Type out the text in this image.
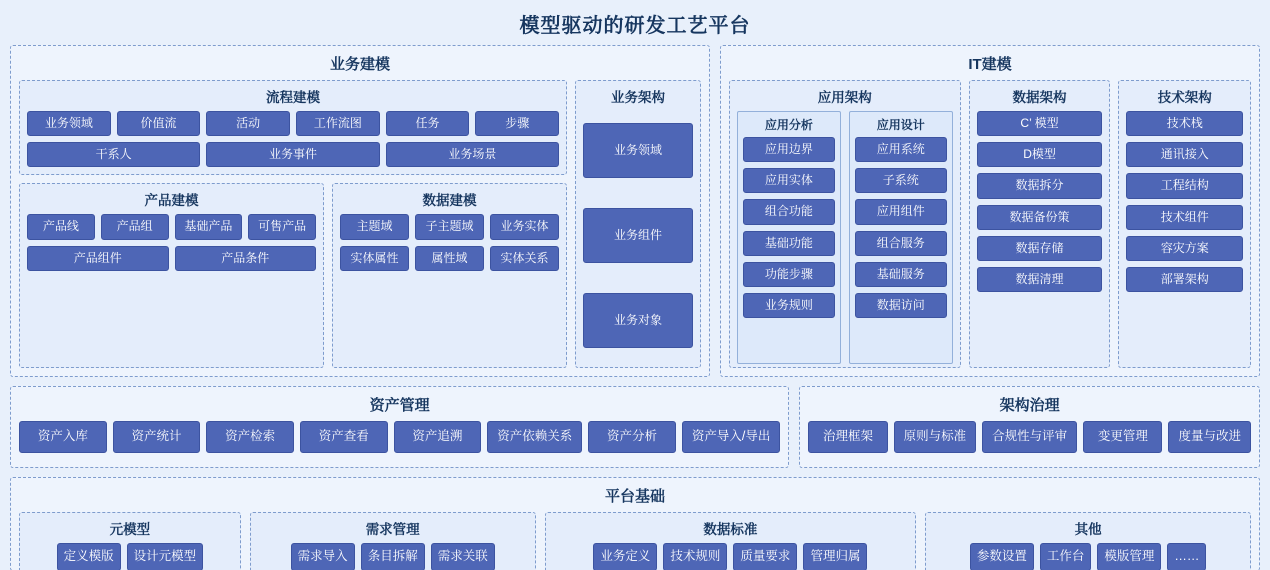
模型驱动的研发工艺平台
业务建模
流程建模
业务领域	价值流	活动	工作流图	任务	步骤
干系人	业务事件	业务场景
产品建模
产品线	产品组	基础产品	可售产品
产品组件	产品条件
数据建模
主题域	子主题域	业务实体
实体属性	属性域	实体关系
业务架构
业务领域
业务组件
业务对象
IT建模
应用架构
应用分析
应用边界
应用实体
组合功能
基础功能
功能步骤
业务规则
应用设计
应用系统
子系统
应用组件
组合服务
基础服务
数据访问
数据架构
C’ 模型
D模型
数据拆分
数据备份策
数据存储
数据清理
技术架构
技术栈
通讯接入
工程结构
技术组件
容灾方案
部署架构
资产管理
资产入库	资产统计	资产检索	资产查看	资产追溯	资产依赖关系	资产分析	资产导入/导出
架构治理
治理框架	原则与标准	合规性与评审	变更管理	度量与改进
平台基础
元模型
定义模版	设计元模型
需求管理
需求导入	条目拆解	需求关联
数据标准
业务定义	技术规则	质量要求	管理归属
其他
参数设置	工作台	模版管理	……
